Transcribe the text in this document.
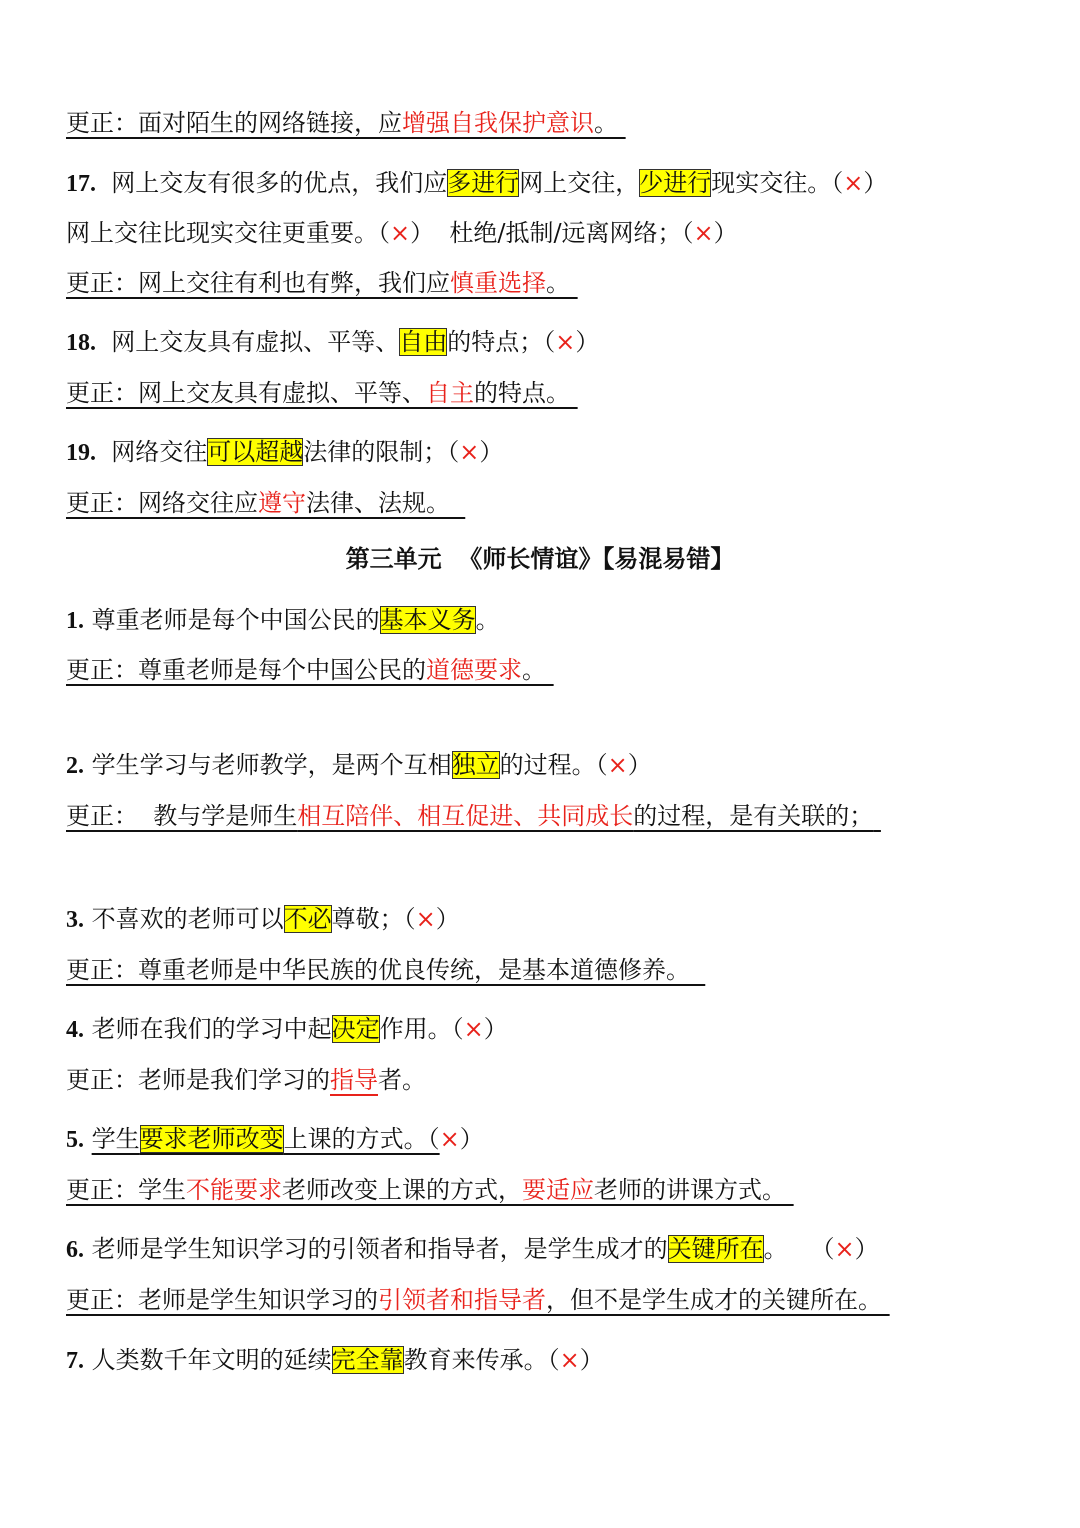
更正：面对陌生的网络链接，应增强自我保护意识。
17. 网上交友有很多的优点，我们应多进行网上交往，少进行现实交往。（×）
网上交往比现实交往更重要。（×）  杜绝/抵制/远离网络；（×）
更正：网上交往有利也有弊，我们应慎重选择。
18. 网上交友具有虚拟、平等、自由的特点；（×）
更正：网上交友具有虚拟、平等、自主的特点。
19. 网络交往可以超越法律的限制；（×）
更正：网络交往应遵守法律、法规。
第三单元  《师长情谊》【易混易错】
1. 尊重老师是每个中国公民的基本义务。
更正：尊重老师是每个中国公民的道德要求。
2. 学生学习与老师教学，是两个互相独立的过程。（×）
更正：  教与学是师生相互陪伴、相互促进、共同成长的过程，是有关联的；
3. 不喜欢的老师可以不必尊敬；（×）
更正：尊重老师是中华民族的优良传统，是基本道德修养。
4. 老师在我们的学习中起决定作用。（×）
更正：老师是我们学习的指导者。
5. 学生要求老师改变上课的方式。（×）
更正：学生不能要求老师改变上课的方式，要适应老师的讲课方式。
6. 老师是学生知识学习的引领者和指导者，是学生成才的关键所在。   （×）
更正：老师是学生知识学习的引领者和指导者，但不是学生成才的关键所在。
7. 人类数千年文明的延续完全靠教育来传承。（×）
